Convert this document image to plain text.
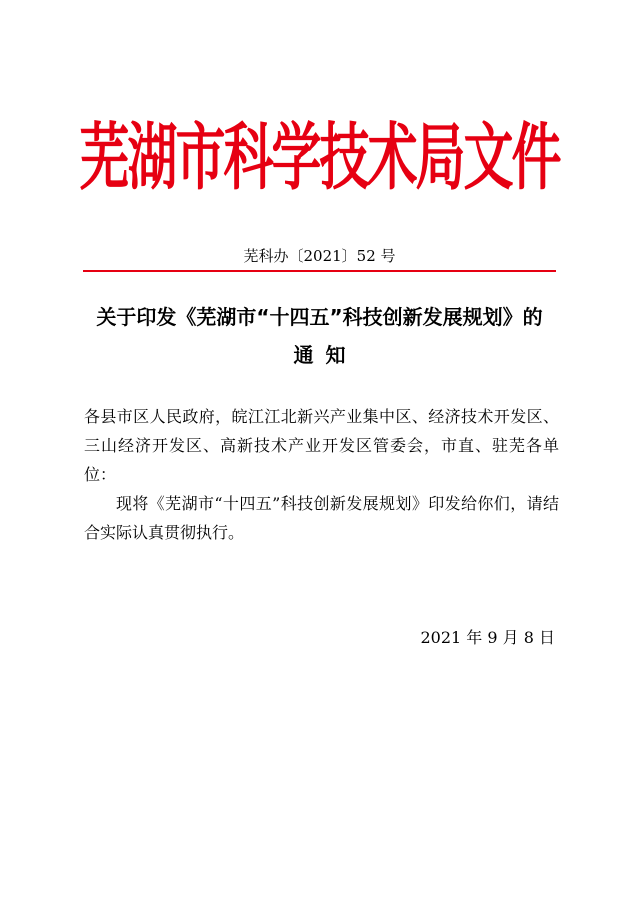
芜湖市科学技术局文件
芜科办〔2021〕52 号
关于印发《芜湖市“十四五”科技创新发展规划》的
通知

各县市区人民政府，皖江江北新兴产业集中区、经济技术开发区、三山经济开发区、高新技术产业开发区管委会，市直、驻芜各单位：

现将《芜湖市“十四五”科技创新发展规划》印发给你们，请结合实际认真贯彻执行。

2021 年 9 月 8 日
